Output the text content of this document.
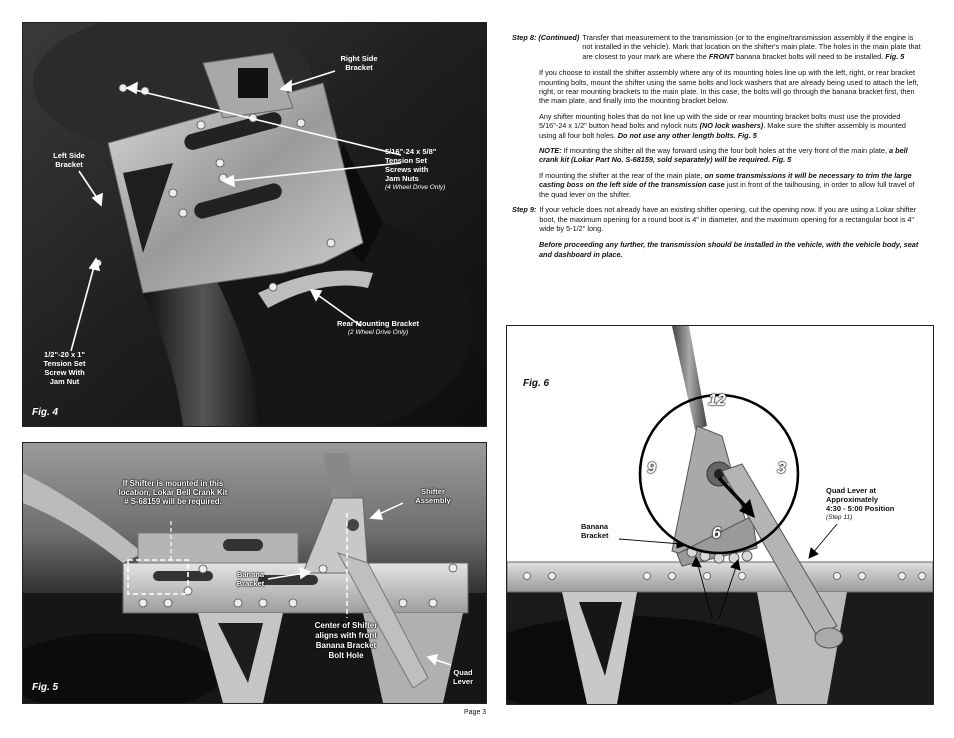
Right Side
Bracket
Left Side
Bracket
5/16"-24 x 5/8"
Tension Set
Screws with
Jam Nuts
(4 Wheel Drive Only)
Rear Mounting Bracket
(2 Wheel Drive Only)
1/2"-20 x 1"
Tension Set
Screw With
Jam Nut
Fig. 4
If Shifter is mounted in this
location, Lokar Bell Crank Kit
# S-68159 will be required.
Shifter
Assembly
Banana
Bracket
Center of Shifter
aligns with front
Banana Bracket
Bolt Hole
Quad
Lever
Fig. 5
Fig. 6
12
3
6
9
Quad Lever at
Approximately
4:30 - 5:00 Position
(Step 11)
Banana
Bracket
5/16"-24 x 3/8"
Button Head Bolts
Step 8: (Continued) Transfer that measurement to the transmission (or to the engine/transmission assembly if the engine is not installed in the vehicle). Mark that location on the shifter's main plate. The holes in the main plate that are closest to your mark are where the FRONT banana bracket bolts will need to be installed. Fig. 5

If you choose to install the shifter assembly where any of its mounting holes line up with the left, right, or rear bracket mounting bolts, mount the shifter using the same bolts and lock washers that are already being used to attach the left, right, or rear mounting brackets to the main plate. In this case, the bolts will go through the banana bracket first, then the main plate, and finally into the mounting bracket below.

Any shifter mounting holes that do not line up with the side or rear mounting bracket bolts must use the provided 5/16"-24 x 1/2" button head bolts and nylock nuts (NO lock washers). Make sure the shifter assembly is mounted using all four bolt holes. Do not use any other length bolts. Fig. 5

NOTE: If mounting the shifter all the way forward using the four bolt holes at the very front of the main plate, a bell crank kit (Lokar Part No. S-68159, sold separately) will be required. Fig. 5

If mounting the shifter at the rear of the main plate, on some transmissions it will be necessary to trim the large casting boss on the left side of the transmission case just in front of the tailhousing, in order to allow full travel of the quad lever on the shifter.

Step 9: If your vehicle does not already have an existing shifter opening, cut the opening now. If you are using a Lokar shifter boot, the maximum opening for a round boot is 4" in diameter, and the maximum opening for a rectangular boot is 4" wide by 5-1/2" long.

Before proceeding any further, the transmission should be installed in the vehicle, with the vehicle body, seat and dashboard in place.

Page 3
